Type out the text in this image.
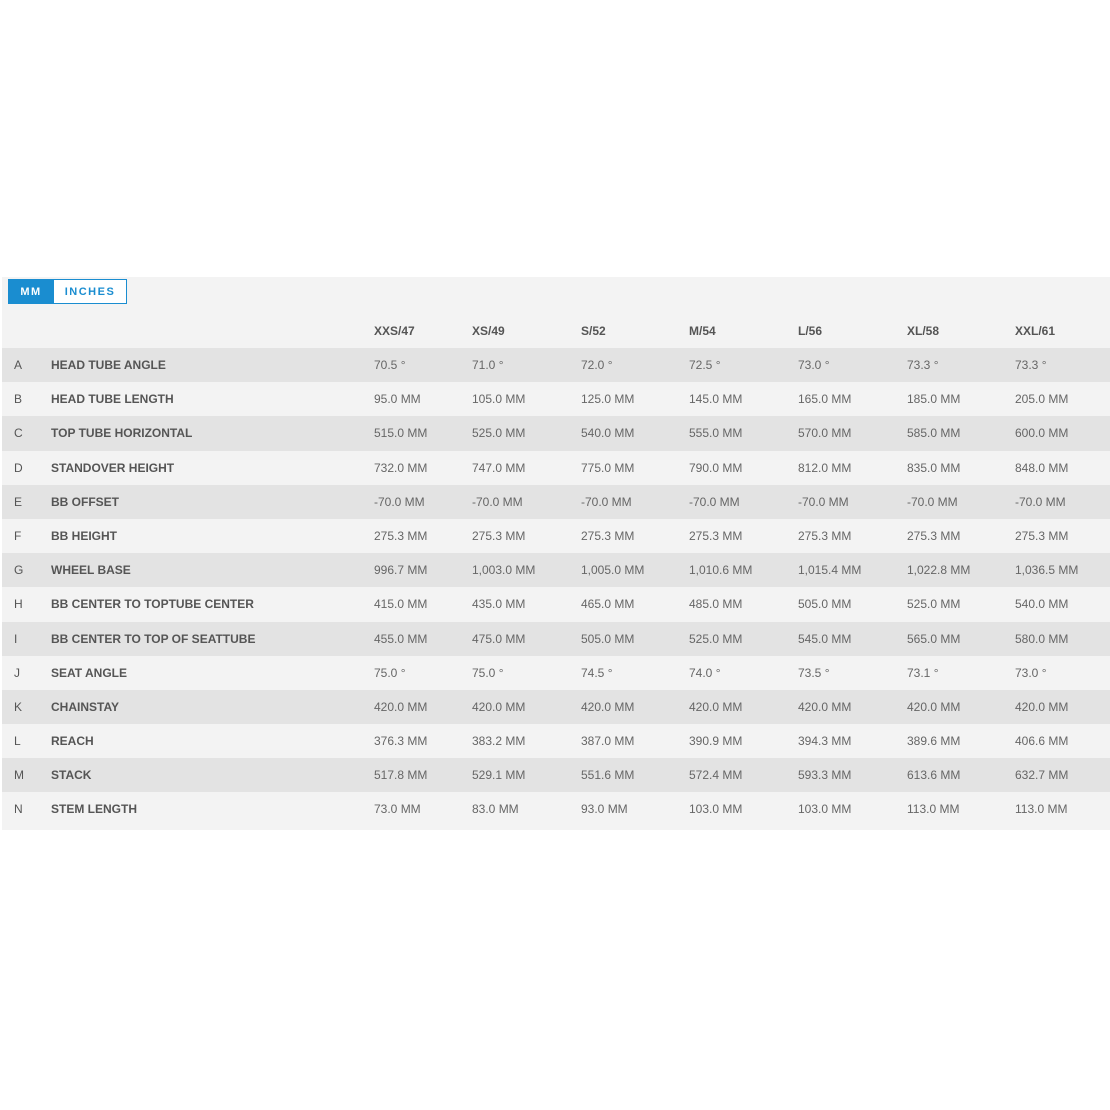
MM	INCHES
XXS/47	XS/49	S/52	M/54	L/56	XL/58	XXL/61
A HEAD TUBE ANGLE	70.5 °	71.0 °	72.0 °	72.5 °	73.0 °	73.3 °	73.3 °
B HEAD TUBE LENGTH	95.0 MM	105.0 MM	125.0 MM	145.0 MM	165.0 MM	185.0 MM	205.0 MM
C TOP TUBE HORIZONTAL	515.0 MM	525.0 MM	540.0 MM	555.0 MM	570.0 MM	585.0 MM	600.0 MM
D STANDOVER HEIGHT	732.0 MM	747.0 MM	775.0 MM	790.0 MM	812.0 MM	835.0 MM	848.0 MM
E BB OFFSET	-70.0 MM	-70.0 MM	-70.0 MM	-70.0 MM	-70.0 MM	-70.0 MM	-70.0 MM
F BB HEIGHT	275.3 MM	275.3 MM	275.3 MM	275.3 MM	275.3 MM	275.3 MM	275.3 MM
G WHEEL BASE	996.7 MM	1,003.0 MM	1,005.0 MM	1,010.6 MM	1,015.4 MM	1,022.8 MM	1,036.5 MM
H BB CENTER TO TOPTUBE CENTER	415.0 MM	435.0 MM	465.0 MM	485.0 MM	505.0 MM	525.0 MM	540.0 MM
I	BB CENTER TO TOP OF SEATTUBE	455.0 MM	475.0 MM	505.0 MM	525.0 MM	545.0 MM	565.0 MM	580.0 MM
J	SEAT ANGLE	75.0 °	75.0 °	74.5 °	74.0 °	73.5 °	73.1 °	73.0 °
K CHAINSTAY	420.0 MM	420.0 MM	420.0 MM	420.0 MM	420.0 MM	420.0 MM	420.0 MM
L	REACH	376.3 MM	383.2 MM	387.0 MM	390.9 MM	394.3 MM	389.6 MM	406.6 MM
M STACK	517.8 MM	529.1 MM	551.6 MM	572.4 MM	593.3 MM	613.6 MM	632.7 MM
N STEM LENGTH	73.0 MM	83.0 MM	93.0 MM	103.0 MM	103.0 MM	113.0 MM	113.0 MM
